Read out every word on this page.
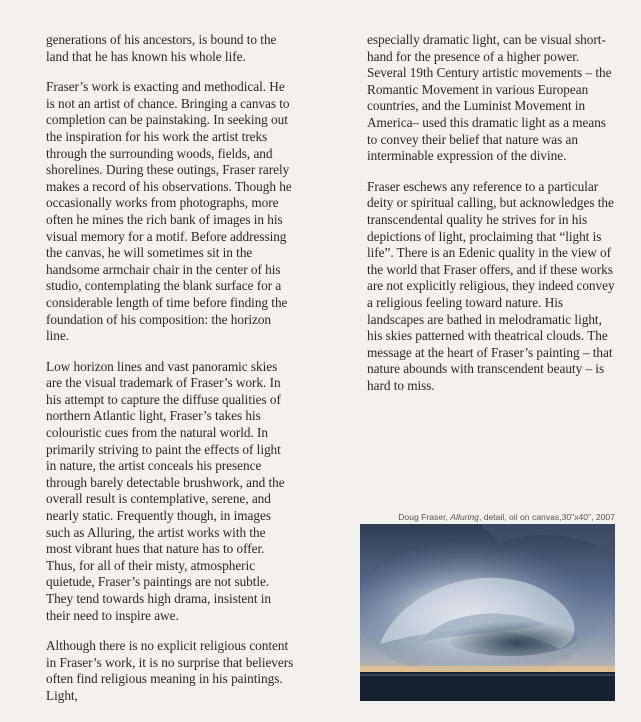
generations of his ancestors, is bound to the land that he has known his whole life.

Fraser’s work is exacting and methodical. He is not an artist of chance. Bringing a canvas to completion can be painstaking. In seeking out the inspiration for his work the artist treks through the surrounding woods, fields, and shorelines. During these outings, Fraser rarely makes a record of his observations. Though he occasionally works from photographs, more often he mines the rich bank of images in his visual memory for a motif. Before addressing the canvas, he will sometimes sit in the handsome armchair chair in the center of his studio, contemplating the blank surface for a considerable length of time before finding the foundation of his composition: the horizon line.

Low horizon lines and vast panoramic skies are the visual trademark of Fraser’s work. In his attempt to capture the diffuse qualities of northern Atlantic light, Fraser’s takes his colouristic cues from the natural world. In primarily striving to paint the effects of light in nature, the artist conceals his presence through barely detectable brushwork, and the overall result is contemplative, serene, and nearly static. Frequently though, in images such as Alluring, the artist works with the most vibrant hues that nature has to offer. Thus, for all of their misty, atmospheric quietude, Fraser’s paintings are not subtle. They tend towards high drama, insistent in their need to inspire awe.

Although there is no explicit religious content in Fraser’s work, it is no surprise that believers often find religious meaning in his paintings. Light,

especially dramatic light, can be visual short-hand for the presence of a higher power. Several 19th Century artistic movements – the Romantic Movement in various European countries, and the Luminist Movement in America– used this dramatic light as a means to convey their belief that nature was an interminable expression of the divine.

Fraser eschews any reference to a particular deity or spiritual calling, but acknowledges the transcendental quality he strives for in his depictions of light, proclaiming that “light is life”. There is an Edenic quality in the view of the world that Fraser offers, and if these works are not explicitly religious, they indeed convey a religious feeling toward nature. His landscapes are bathed in melodramatic light, his skies patterned with theatrical clouds. The message at the heart of Fraser’s painting – that nature abounds with transcendent beauty – is hard to miss.

Doug Fraser, Alluring, detail, oil on canvas,30"x40", 2007
